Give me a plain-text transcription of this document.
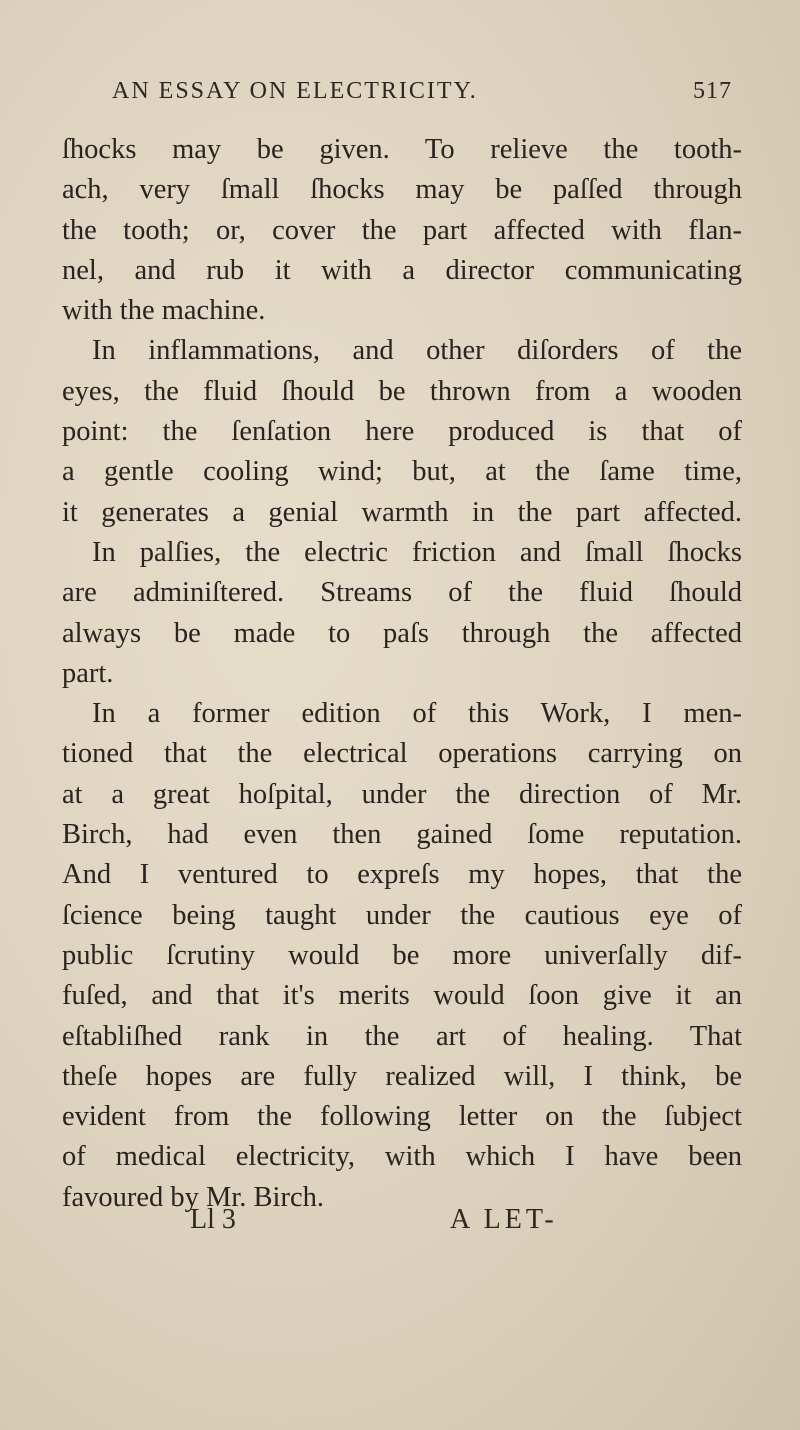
AN ESSAY ON ELECTRICITY.	517
ſhocks may be given. To relieve the tooth-
ach, very ſmall ſhocks may be paſſed through
the tooth; or, cover the part affected with flan-
nel, and rub it with a director communicating
with the machine.
In inflammations, and other diſorders of the
eyes, the fluid ſhould be thrown from a wooden
point: the ſenſation here produced is that of
a gentle cooling wind; but, at the ſame time,
it generates a genial warmth in the part affected.
In palſies, the electric friction and ſmall ſhocks
are adminiſtered. Streams of the fluid ſhould
always be made to paſs through the affected
part.
In a former edition of this Work, I men-
tioned that the electrical operations carrying on
at a great hoſpital, under the direction of Mr.
Birch, had even then gained ſome reputation.
And I ventured to expreſs my hopes, that the
ſcience being taught under the cautious eye of
public ſcrutiny would be more univerſally dif-
fuſed, and that it's merits would ſoon give it an
eſtabliſhed rank in the art of healing. That
theſe hopes are fully realized will, I think, be
evident from the following letter on the ſubject
of medical electricity, with which I have been
favoured by Mr. Birch.
Ll 3	A LET-
